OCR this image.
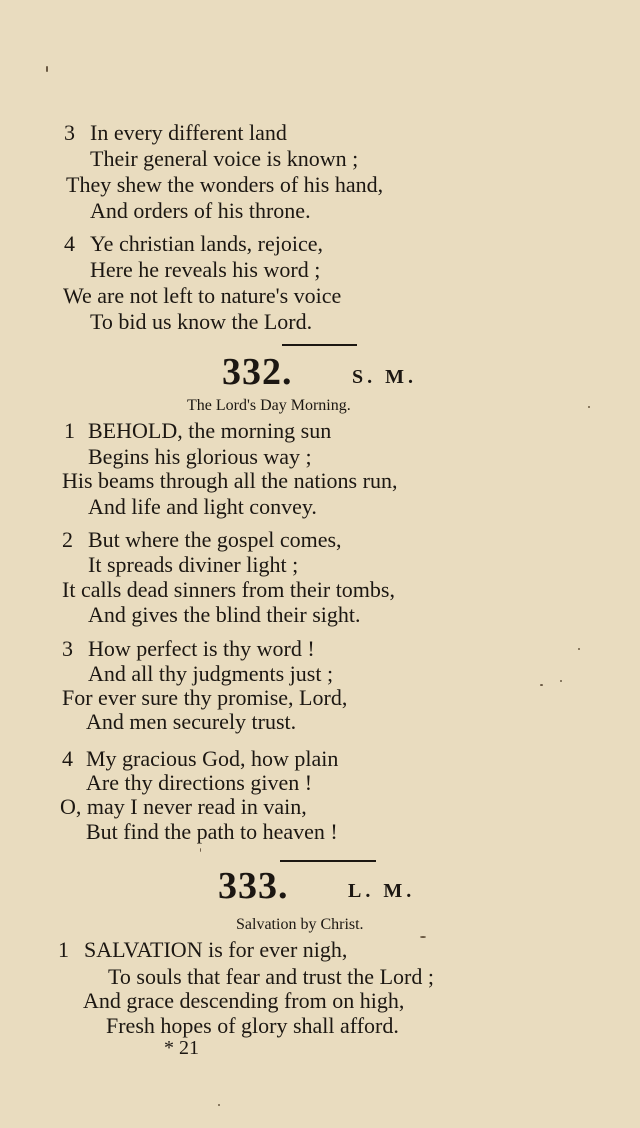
3 In every different land
Their general voice is known ;
They shew the wonders of his hand,
And orders of his throne.
4 Ye christian lands, rejoice,
Here he reveals his word ;
We are not left to nature's voice
To bid us know the Lord.
332.	S. M.
The Lord's Day Morning.
1 BEHOLD, the morning sun
Begins his glorious way ;
His beams through all the nations run,
And life and light convey.
2 But where the gospel comes,
It spreads diviner light ;
It calls dead sinners from their tombs,
And gives the blind their sight.
3 How perfect is thy word !
And all thy judgments just ;
For ever sure thy promise, Lord,
And men securely trust.
4 My gracious God, how plain
Are thy directions given !
O, may I never read in vain,
But find the path to heaven !
333.	L. M.
Salvation by Christ.
1 SALVATION is for ever nigh,
To souls that fear and trust the Lord ;
And grace descending from on high,
Fresh hopes of glory shall afford.
* 21
